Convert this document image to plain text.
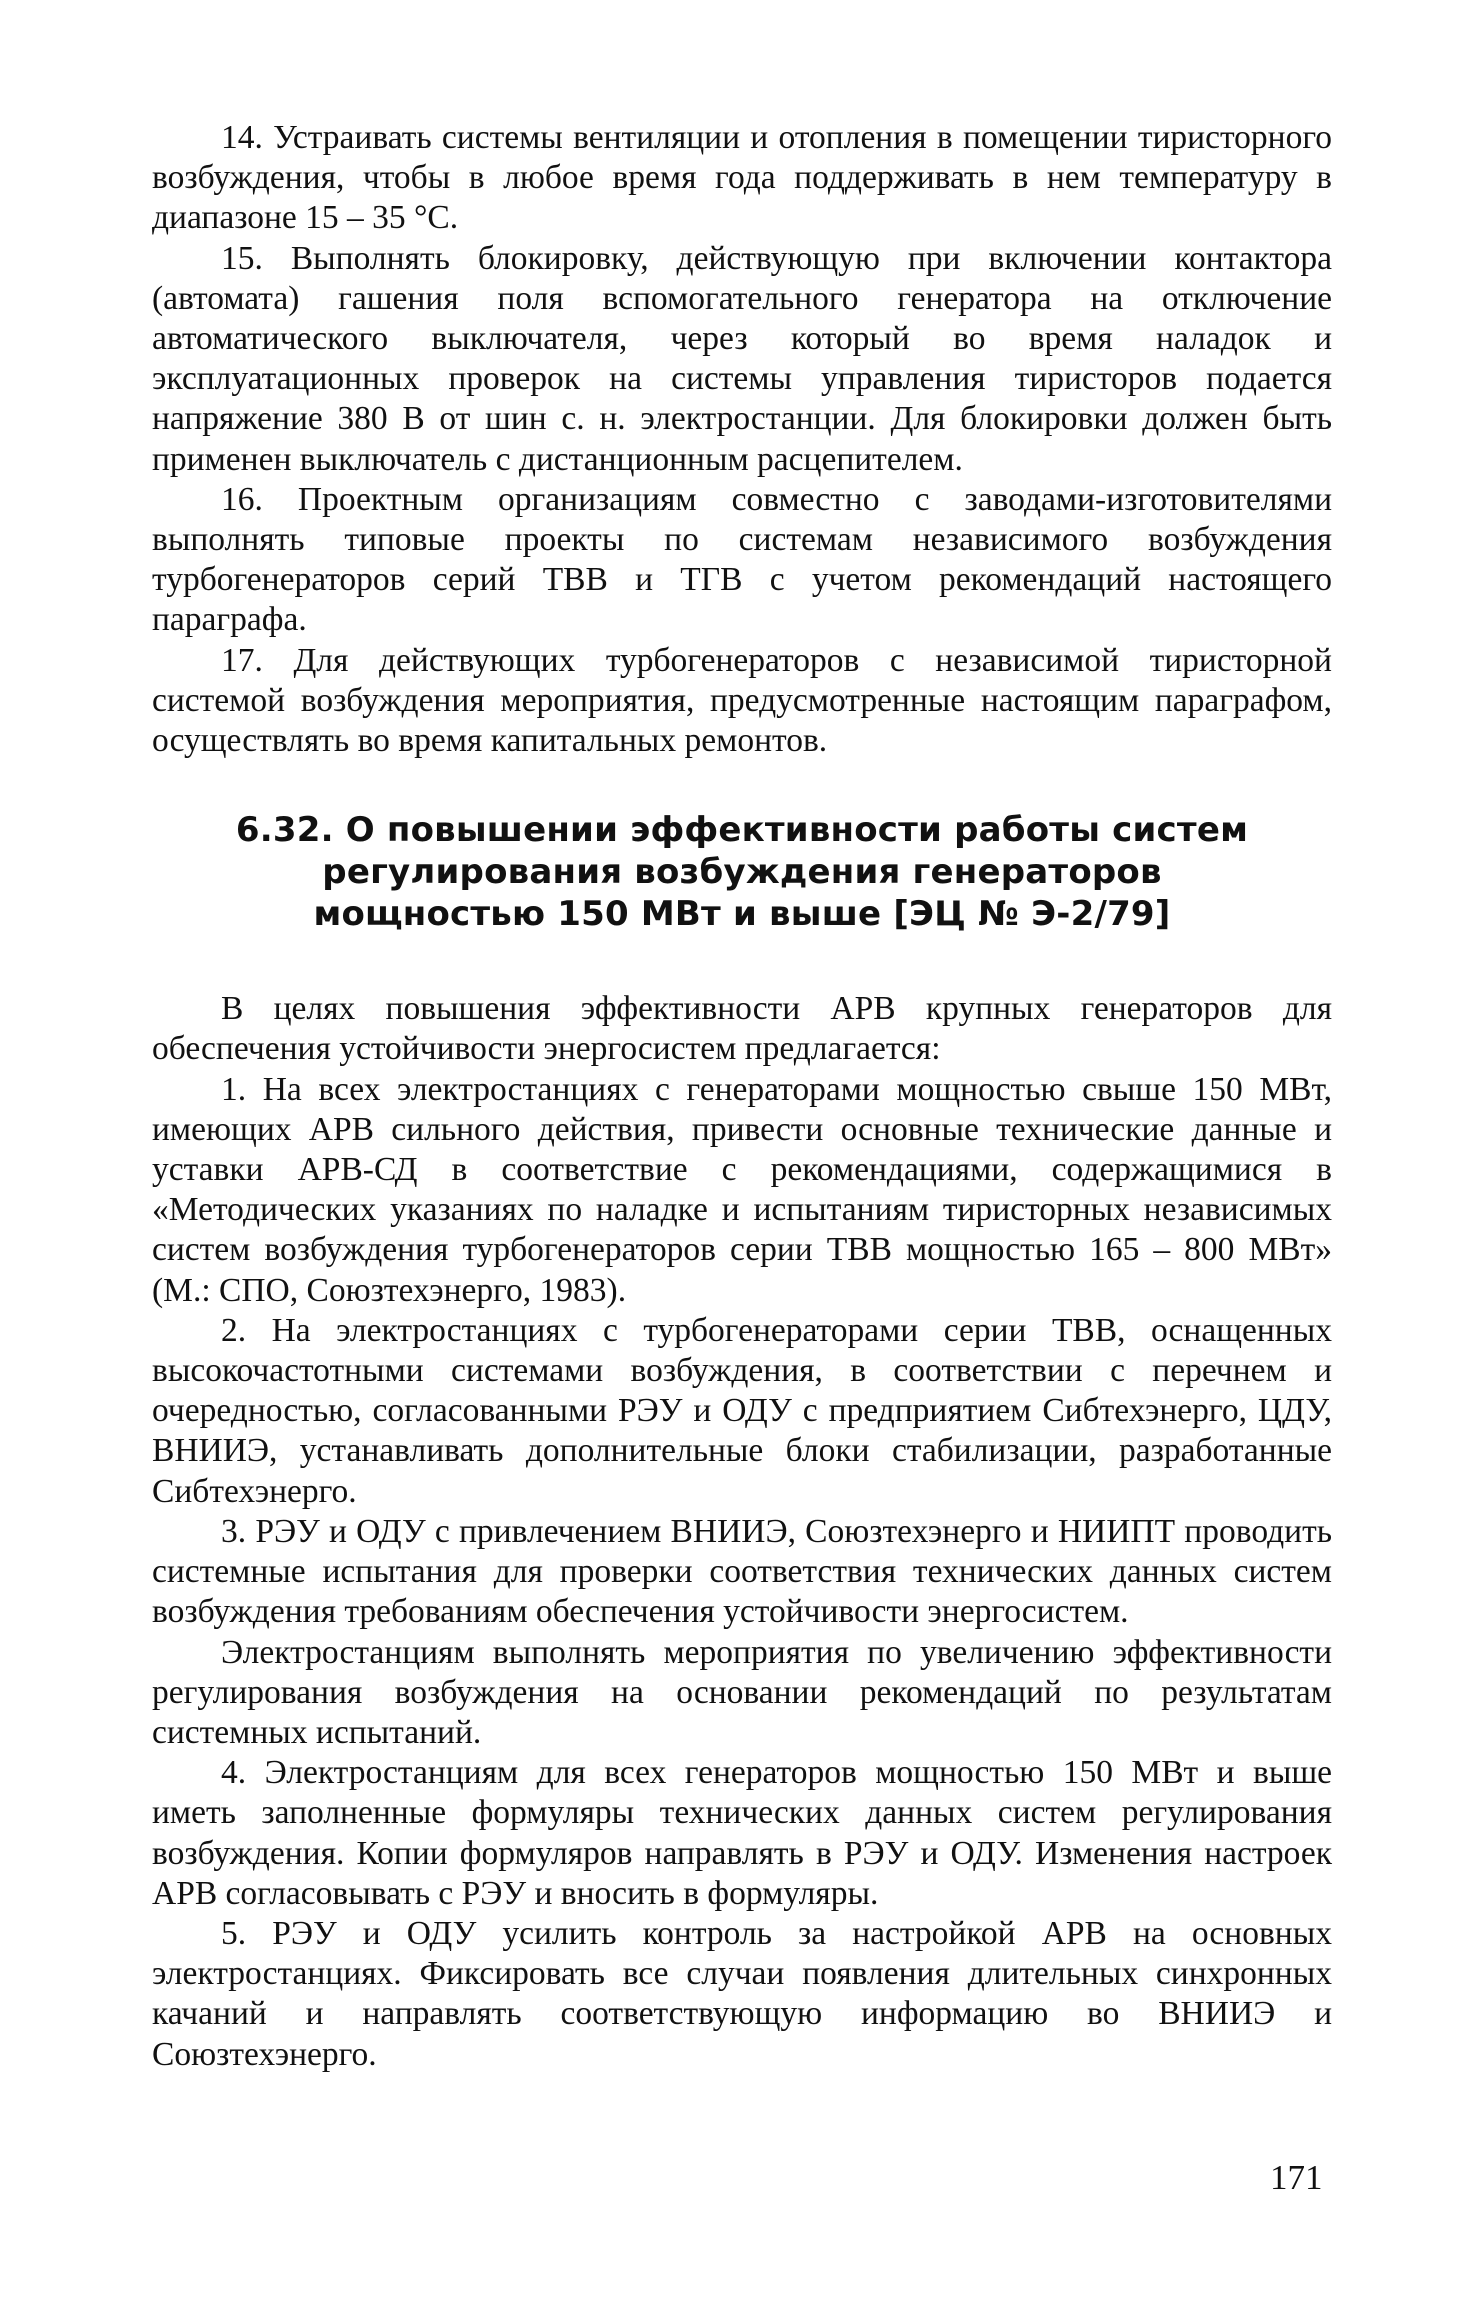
14. Устраивать системы вентиляции и отопления в помещении тиристорного возбуждения, чтобы в любое время года поддерживать в нем температуру в диапазоне 15 – 35 °С.

15. Выполнять блокировку, действующую при включении контактора (автомата) гашения поля вспомогательного генератора на отключение автоматического выключателя, через который во время наладок и эксплуатационных проверок на системы управления тиристоров подается напряжение 380 В от шин с. н. электростанции. Для блокировки должен быть применен выключатель с дистанционным расцепителем.

16. Проектным организациям совместно с заводами-изготовителями выполнять типовые проекты по системам независимого возбуждения турбогенераторов серий ТВВ и ТГВ с учетом рекомендаций настоящего параграфа.

17. Для действующих турбогенераторов с независимой тиристорной системой возбуждения мероприятия, предусмотренные настоящим параграфом, осуществлять во время капитальных ремонтов.

6.32. О повышении эффективности работы систем
регулирования возбуждения генераторов
мощностью 150 МВт и выше [ЭЦ № Э-2/79]

В целях повышения эффективности АРВ крупных генераторов для обеспечения устойчивости энергосистем предлагается:

1. На всех электростанциях с генераторами мощностью свыше 150 МВт, имеющих АРВ сильного действия, привести основные технические данные и уставки АРВ-СД в соответствие с рекомендациями, содержащимися в «Методических указаниях по наладке и испытаниям тиристорных независимых систем возбуждения турбогенераторов серии ТВВ мощностью 165 – 800 МВт» (М.: СПО, Союзтехэнерго, 1983).

2. На электростанциях с турбогенераторами серии ТВВ, оснащенных высокочастотными системами возбуждения, в соответствии с перечнем и очередностью, согласованными РЭУ и ОДУ с предприятием Сибтехэнерго, ЦДУ, ВНИИЭ, устанавливать дополнительные блоки стабилизации, разработанные Сибтехэнерго.

3. РЭУ и ОДУ с привлечением ВНИИЭ, Союзтехэнерго и НИИПТ проводить системные испытания для проверки соответствия технических данных систем возбуждения требованиям обеспечения устойчивости энергосистем.

Электростанциям выполнять мероприятия по увеличению эффективности регулирования возбуждения на основании рекомендаций по результатам системных испытаний.

4. Электростанциям для всех генераторов мощностью 150 МВт и выше иметь заполненные формуляры технических данных систем регулирования возбуждения. Копии формуляров направлять в РЭУ и ОДУ. Изменения настроек АРВ согласовывать с РЭУ и вносить в формуляры.

5. РЭУ и ОДУ усилить контроль за настройкой АРВ на основных электростанциях. Фиксировать все случаи появления длительных синхронных качаний и направлять соответствующую информацию во ВНИИЭ и Союзтехэнерго.

171
